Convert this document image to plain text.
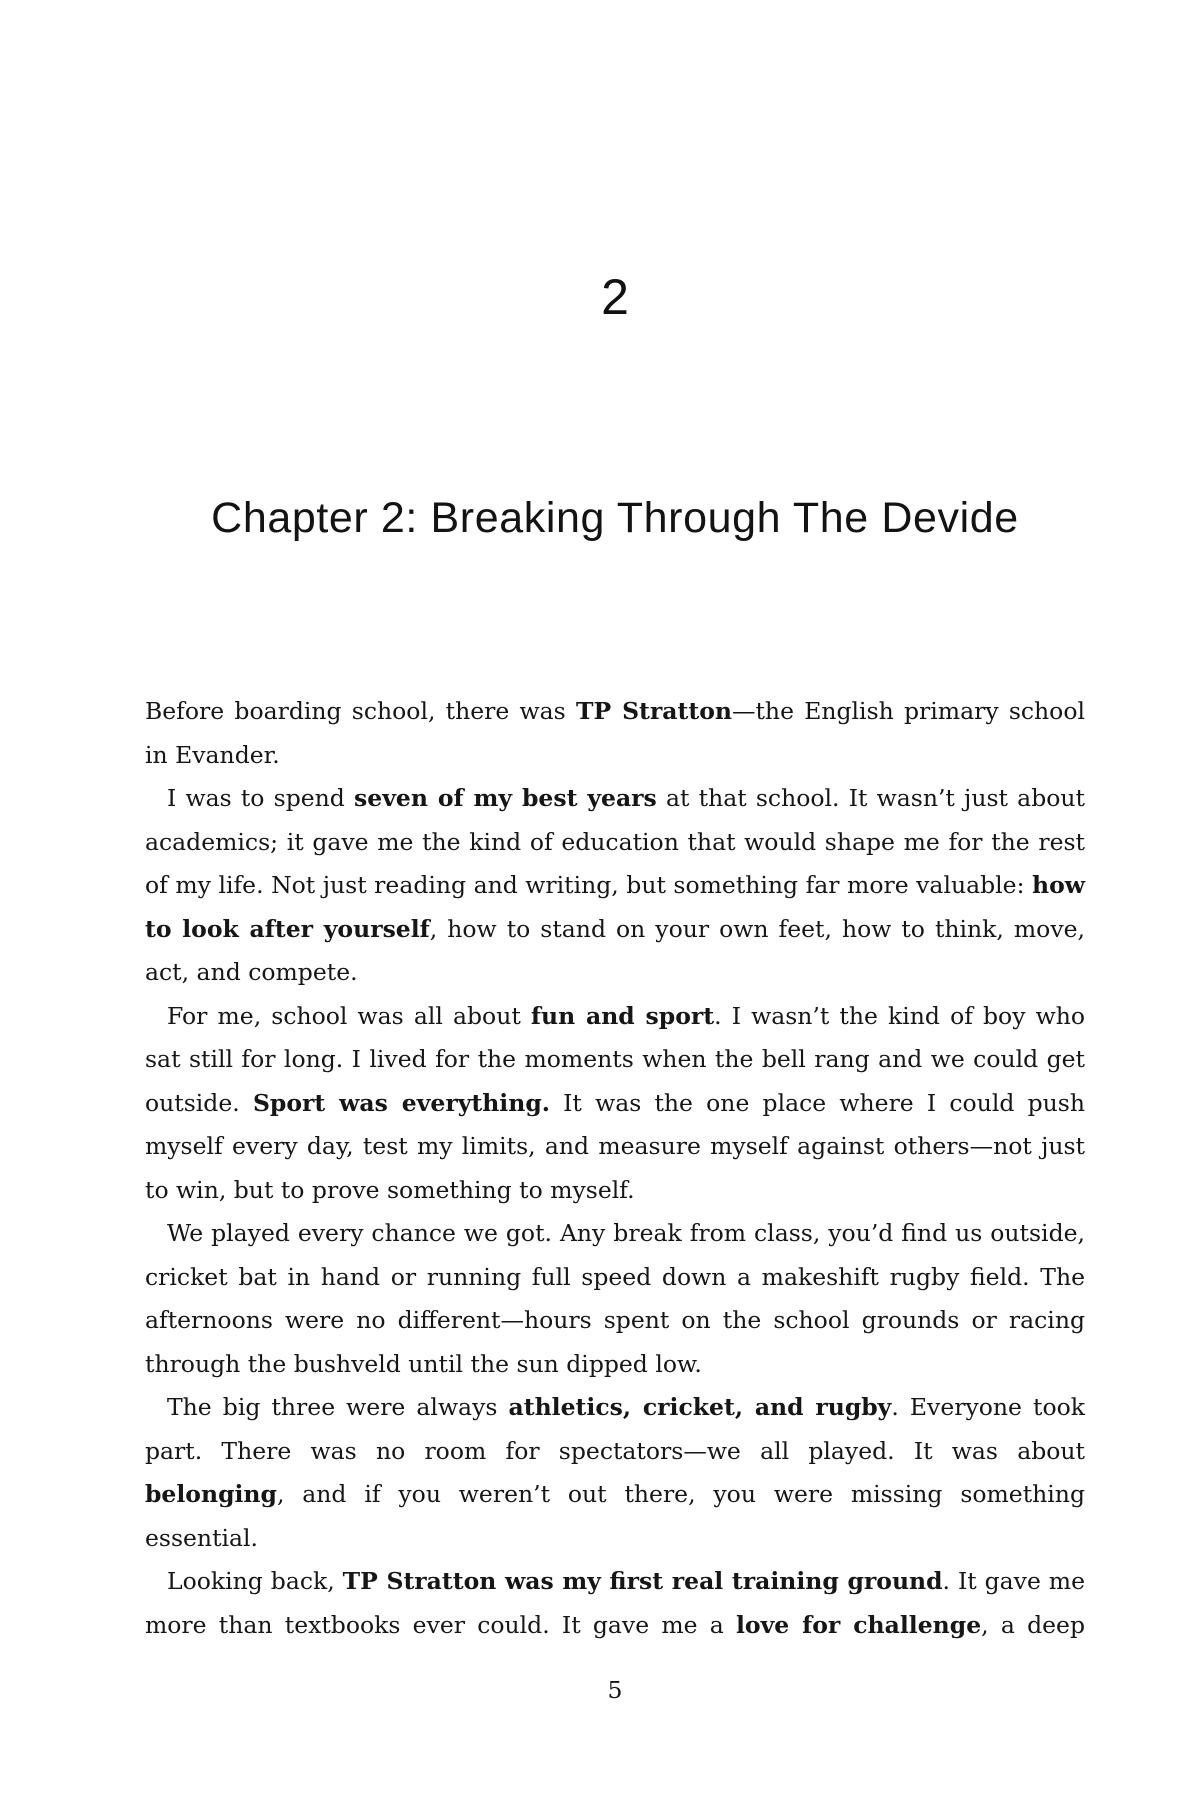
2
Chapter 2: Breaking Through The Devide

Before boarding school, there was TP Stratton—the English primary school in Evander.

I was to spend seven of my best years at that school. It wasn’t just about academics; it gave me the kind of education that would shape me for the rest of my life. Not just reading and writing, but something far more valuable: how to look after yourself, how to stand on your own feet, how to think, move, act, and compete.

For me, school was all about fun and sport. I wasn’t the kind of boy who sat still for long. I lived for the moments when the bell rang and we could get outside. Sport was everything. It was the one place where I could push myself every day, test my limits, and measure myself against others—not just to win, but to prove something to myself.

We played every chance we got. Any break from class, you’d find us outside, cricket bat in hand or running full speed down a makeshift rugby field. The afternoons were no different—hours spent on the school grounds or racing through the bushveld until the sun dipped low.

The big three were always athletics, cricket, and rugby. Everyone took part. There was no room for spectators—we all played. It was about belonging, and if you weren’t out there, you were missing something essential.

Looking back, TP Stratton was my first real training ground. It gave me more than textbooks ever could. It gave me a love for challenge, a deep

5
